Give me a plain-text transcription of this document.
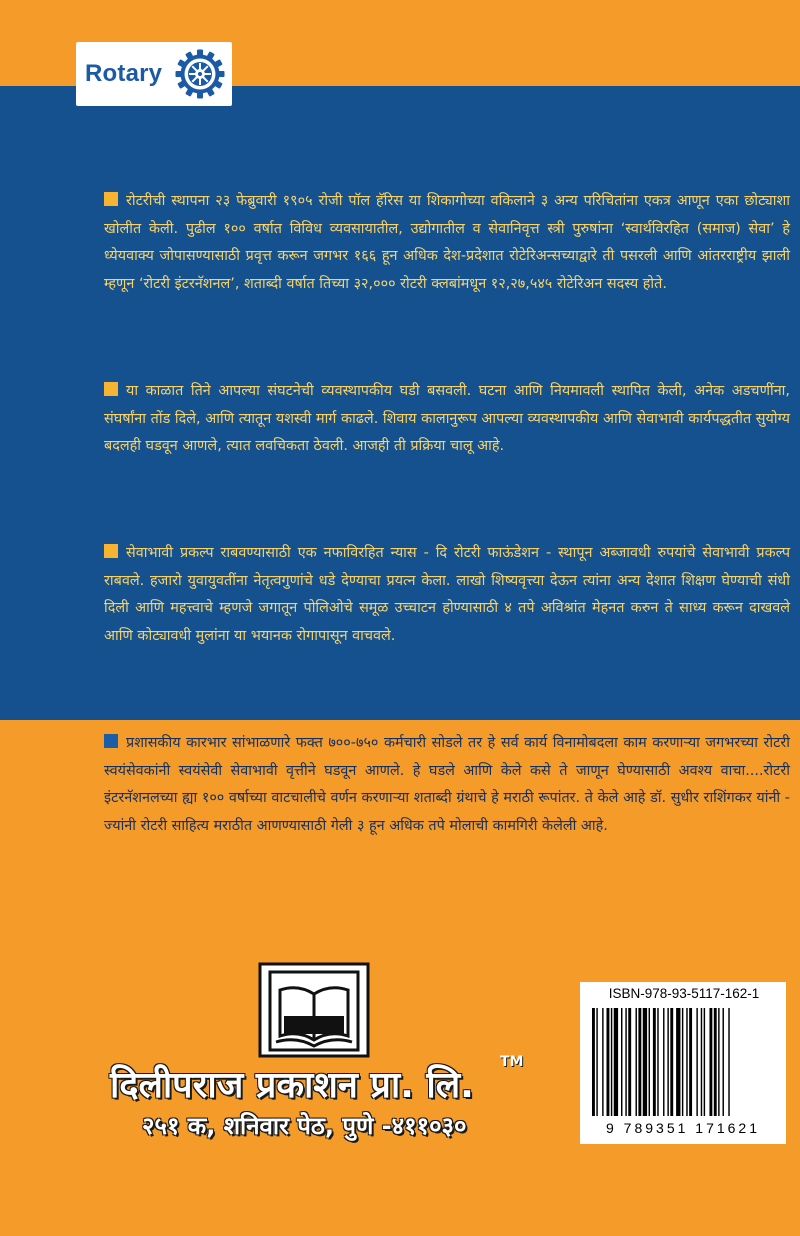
Rotary
रोटरीची स्थापना २३ फेब्रुवारी १९०५ रोजी पॉल हॅरिस या शिकागोच्या वकिलाने ३ अन्य परिचितांना एकत्र आणून एका छोट्याशा खोलीत केली. पुढील १०० वर्षात विविध व्यवसायातील, उद्योगातील व सेवानिवृत्त स्त्री पुरुषांना ‘स्वार्थविरहित (समाज) सेवा’ हे ध्येयवाक्य जोपासण्यासाठी प्रवृत्त करून जगभर १६६ हून अधिक देश-प्रदेशात रोटेरिअन्सच्याद्वारे ती पसरली आणि आंतरराष्ट्रीय झाली म्हणून ‘रोटरी इंटरनॅशनल’, शताब्दी वर्षात तिच्या ३२,००० रोटरी क्लबांमधून १२,२७,५४५ रोटेरिअन सदस्य होते.
या काळात तिने आपल्या संघटनेची व्यवस्थापकीय घडी बसवली. घटना आणि नियमावली स्थापित केली, अनेक अडचणींना, संघर्षांना तोंड दिले, आणि त्यातून यशस्वी मार्ग काढले. शिवाय कालानुरूप आपल्या व्यवस्थापकीय आणि सेवाभावी कार्यपद्धतीत सुयोग्य बदलही घडवून आणले, त्यात लवचिकता ठेवली. आजही ती प्रक्रिया चालू आहे.
सेवाभावी प्रकल्प राबवण्यासाठी एक नफाविरहित न्यास - दि रोटरी फाऊंडेशन - स्थापून अब्जावधी रुपयांचे सेवाभावी प्रकल्प राबवले. हजारो युवायुवतींना नेतृत्वगुणांचे धडे देण्याचा प्रयत्न केला. लाखो शिष्यवृत्त्या देऊन त्यांना अन्य देशात शिक्षण घेण्याची संधी दिली आणि महत्त्वाचे म्हणजे जगातून पोलिओचे समूळ उच्चाटन होण्यासाठी ४ तपे अविश्रांत मेहनत करुन ते साध्य करून दाखवले आणि कोट्यावधी मुलांना या भयानक रोगापासून वाचवले.
प्रशासकीय कारभार सांभाळणारे फक्त ७००-७५० कर्मचारी सोडले तर हे सर्व कार्य विनामोबदला काम करणाऱ्या जगभरच्या रोटरी स्वयंसेवकांनी स्वयंसेवी सेवाभावी वृत्तीने घडवून आणले. हे घडले आणि केले कसे ते जाणून घेण्यासाठी अवश्य वाचा....रोटरी इंटरनॅशनलच्या ह्या १०० वर्षाच्या वाटचालीचे वर्णन करणाऱ्या शताब्दी ग्रंथाचे हे मराठी रूपांतर. ते केले आहे डॉ. सुधीर राशिंगकर यांनी - ज्यांनी रोटरी साहित्य मराठीत आणण्यासाठी गेली ३ हून अधिक तपे मोलाची कामगिरी केलेली आहे.
दिलीपराज प्रकाशन प्रा. लि.
TM
२५१ क, शनिवार पेठ, पुणे -४११०३०
ISBN-978-93-5117-162-1
9 789351 171621
